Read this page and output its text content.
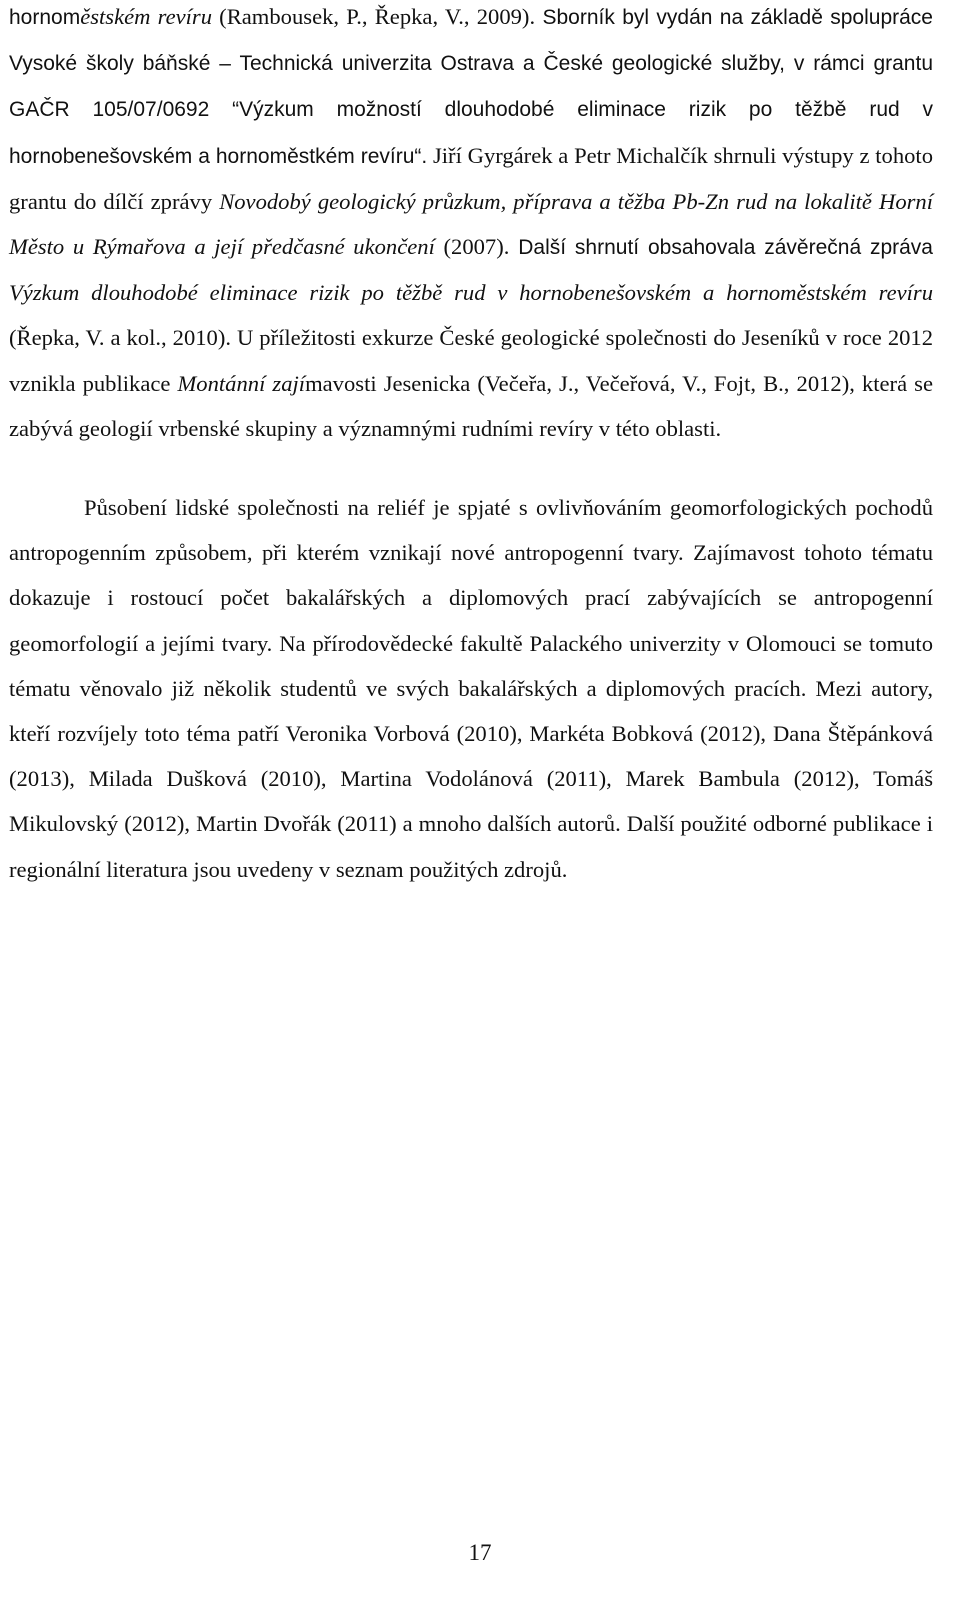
hornoměstském revíru (Rambousek, P., Řepka, V., 2009). Sborník byl vydán na základě spolupráce Vysoké školy báňské – Technická univerzita Ostrava a České geologické služby, v rámci grantu GAČR 105/07/0692 “Výzkum možností dlouhodobé eliminace rizik po těžbě rud v hornobenešovském a hornoměstkém revíru“. Jiří Gyrgárek a Petr Michalčík shrnuli výstupy z tohoto grantu do dílčí zprávy Novodobý geologický průzkum, příprava a těžba Pb-Zn rud na lokalitě Horní Město u Rýmařova a její předčasné ukončení (2007). Další shrnutí obsahovala závěrečná zpráva Výzkum dlouhodobé eliminace rizik po těžbě rud v hornobenešovském a hornoměstském revíru (Řepka, V. a kol., 2010). U příležitosti exkurze České geologické společnosti do Jeseníků v roce 2012 vznikla publikace Montánní zajímavosti Jesenicka (Večeřa, J., Večeřová, V., Fojt, B., 2012), která se zabývá geologií vrbenské skupiny a významnými rudními revíry v této oblasti.

Působení lidské společnosti na reliéf je spjaté s ovlivňováním geomorfologických pochodů antropogenním způsobem, při kterém vznikají nové antropogenní tvary. Zajímavost tohoto tématu dokazuje i rostoucí počet bakalářských a diplomových prací zabývajících se antropogenní geomorfologií a jejími tvary. Na přírodovědecké fakultě Palackého univerzity v Olomouci se tomuto tématu věnovalo již několik studentů ve svých bakalářských a diplomových pracích. Mezi autory, kteří rozvíjely toto téma patří Veronika Vorbová (2010), Markéta Bobková (2012), Dana Štěpánková (2013), Milada Dušková (2010), Martina Vodolánová (2011), Marek Bambula (2012), Tomáš Mikulovský (2012), Martin Dvořák (2011) a mnoho dalších autorů. Další použité odborné publikace i regionální literatura jsou uvedeny v seznam použitých zdrojů.

17
